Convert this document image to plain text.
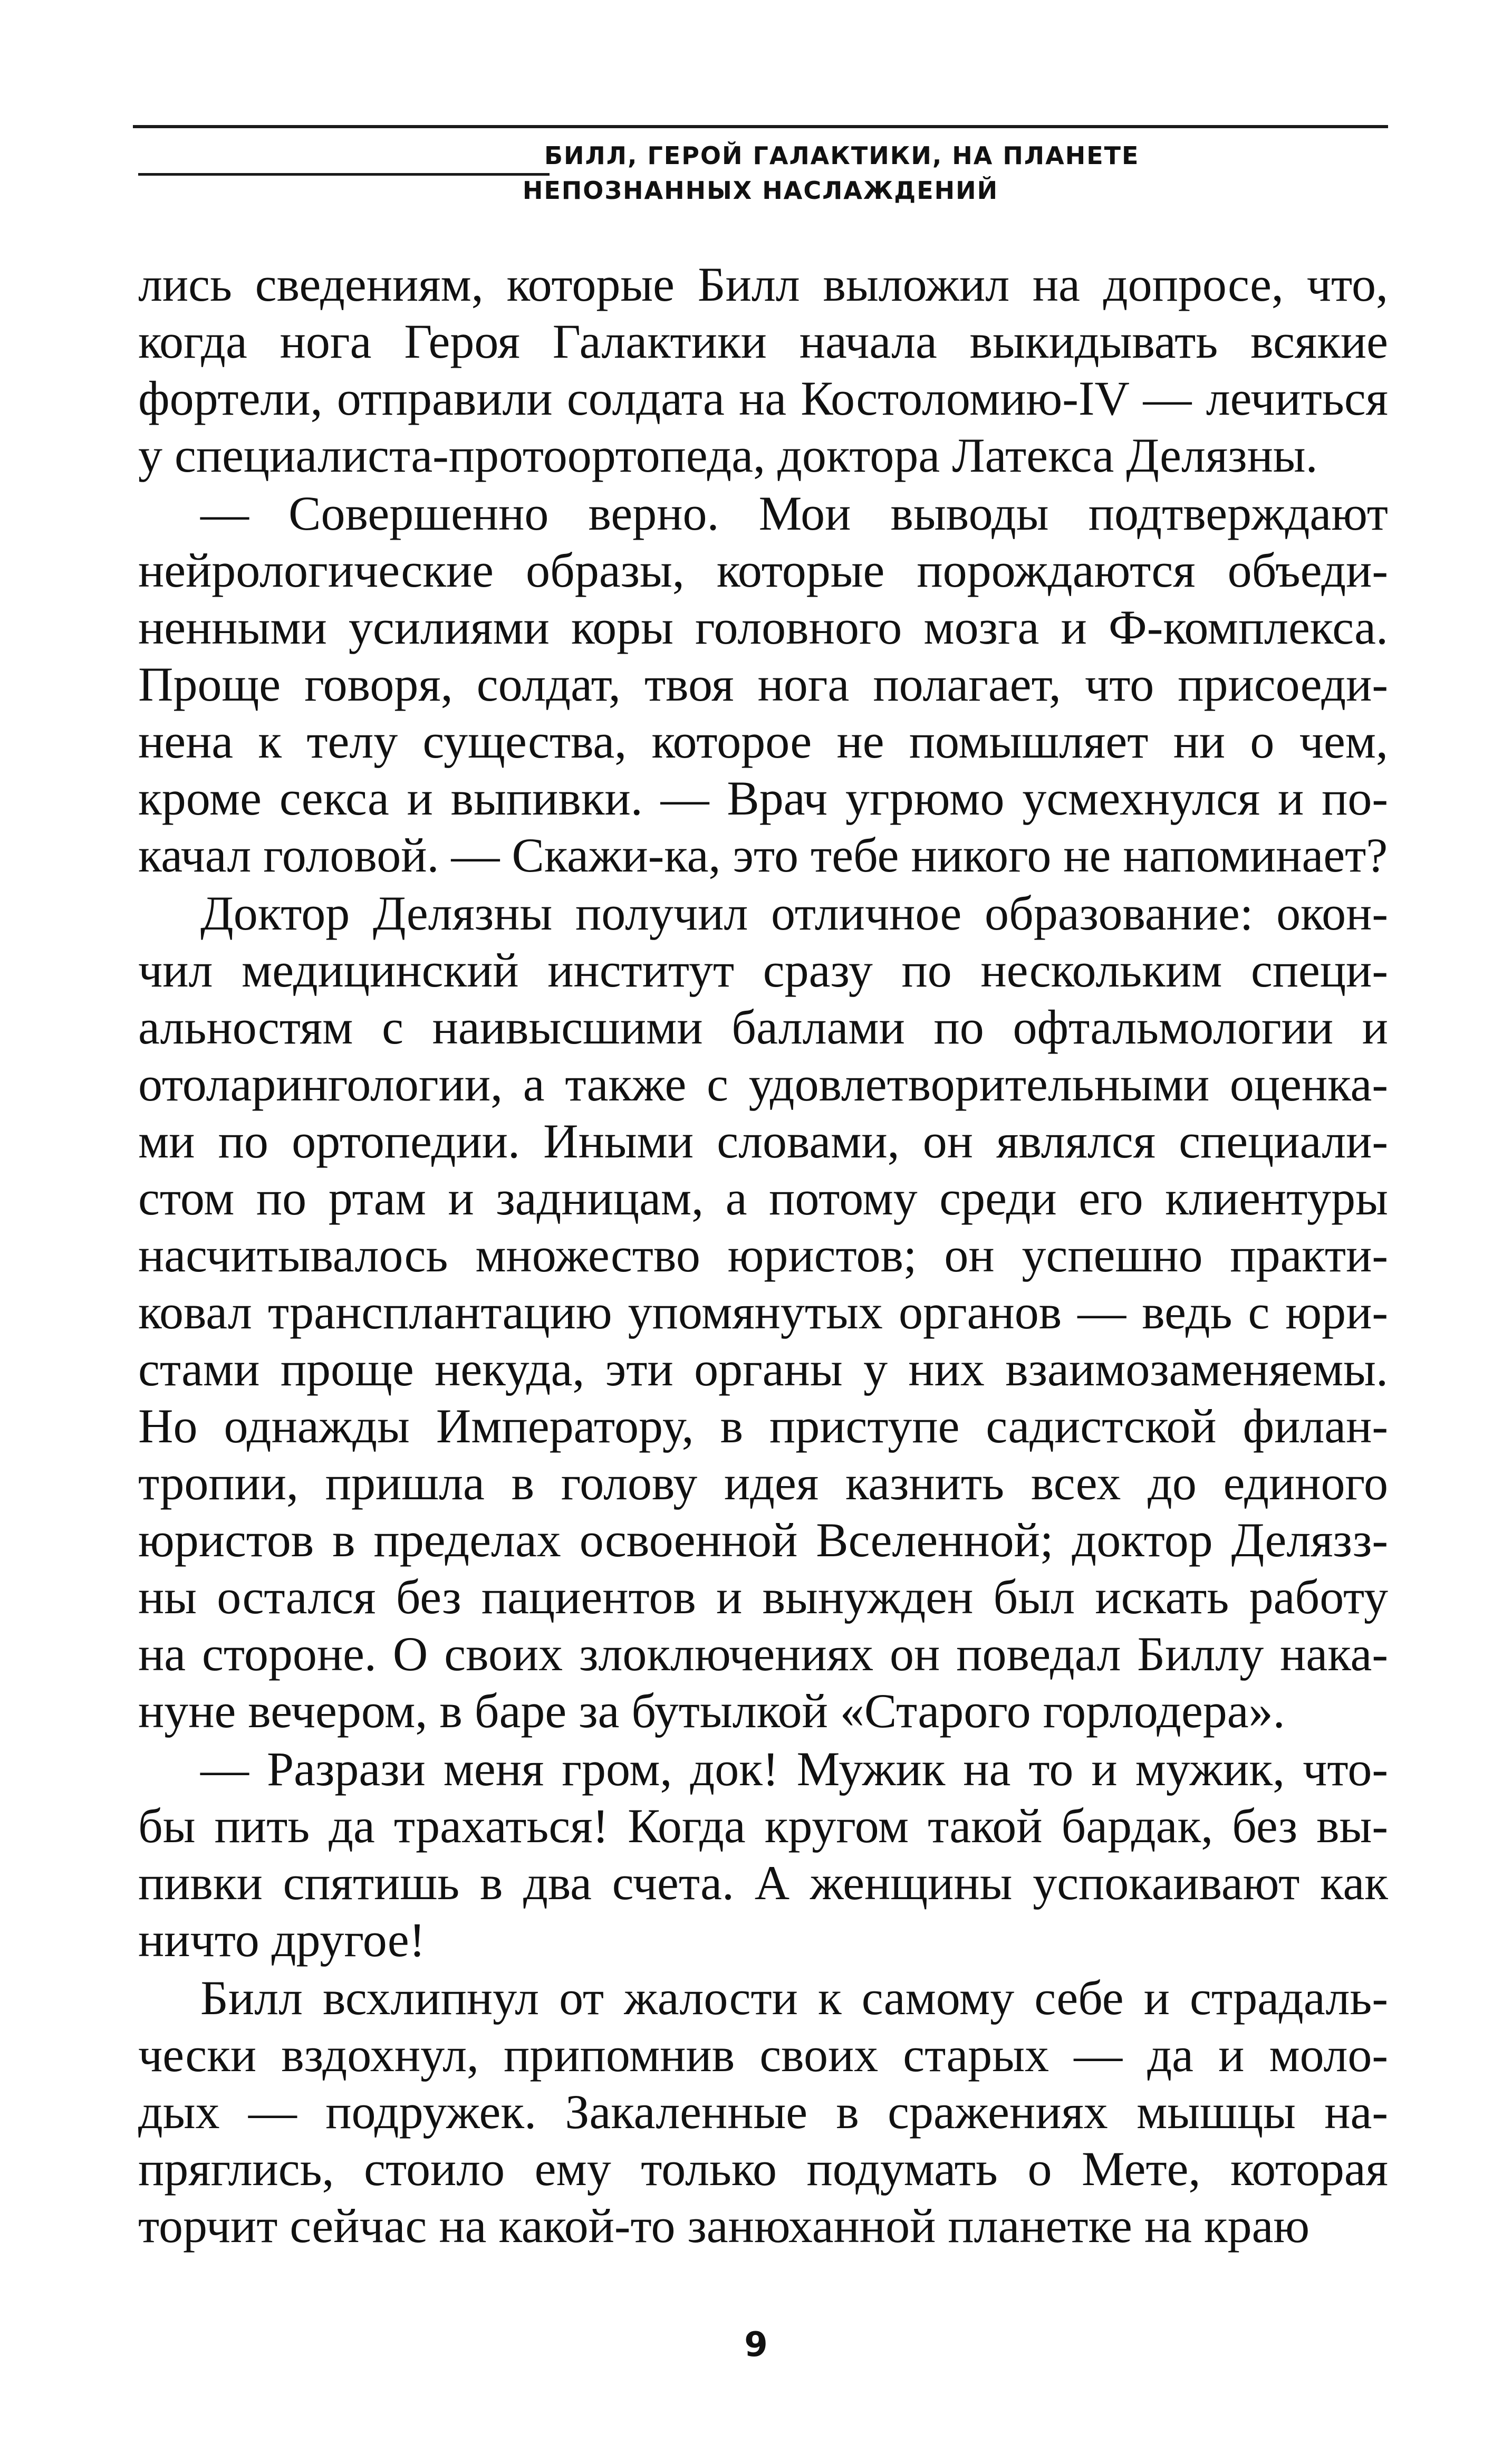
БИЛЛ, ГЕРОЙ ГАЛАКТИКИ, НА ПЛАНЕТЕ
НЕПОЗНАННЫХ НАСЛАЖДЕНИЙ
лись сведениям, которые Билл выложил на допросе, что,
когда нога Героя Галактики начала выкидывать всякие
фортели, отправили солдата на Костоломию-IV — лечиться
у специалиста-протоортопеда, доктора Латекса Делязны.
— Совершенно верно. Мои выводы подтверждают
нейрологические образы, которые порождаются объеди-
ненными усилиями коры головного мозга и Ф-комплекса.
Проще говоря, солдат, твоя нога полагает, что присоеди-
нена к телу существа, которое не помышляет ни о чем,
кроме секса и выпивки. — Врач угрюмо усмехнулся и по-
качал головой. — Скажи-ка, это тебе никого не напоминает?
Доктор Делязны получил отличное образование: окон-
чил медицинский институт сразу по нескольким специ-
альностям с наивысшими баллами по офтальмологии и
отоларингологии, а также с удовлетворительными оценка-
ми по ортопедии. Иными словами, он являлся специали-
стом по ртам и задницам, а потому среди его клиентуры
насчитывалось множество юристов; он успешно практи-
ковал трансплантацию упомянутых органов — ведь с юри-
стами проще некуда, эти органы у них взаимозаменяемы.
Но однажды Императору, в приступе садистской филан-
тропии, пришла в голову идея казнить всех до единого
юристов в пределах освоенной Вселенной; доктор Делязз-
ны остался без пациентов и вынужден был искать работу
на стороне. О своих злоключениях он поведал Биллу нака-
нуне вечером, в баре за бутылкой «Старого горлодера».
— Разрази меня гром, док! Мужик на то и мужик, что-
бы пить да трахаться! Когда кругом такой бардак, без вы-
пивки спятишь в два счета. А женщины успокаивают как
ничто другое!
Билл всхлипнул от жалости к самому себе и страдаль-
чески вздохнул, припомнив своих старых — да и моло-
дых — подружек. Закаленные в сражениях мышцы на-
пряглись, стоило ему только подумать о Мете, которая
торчит сейчас на какой-то занюханной планетке на краю
9
